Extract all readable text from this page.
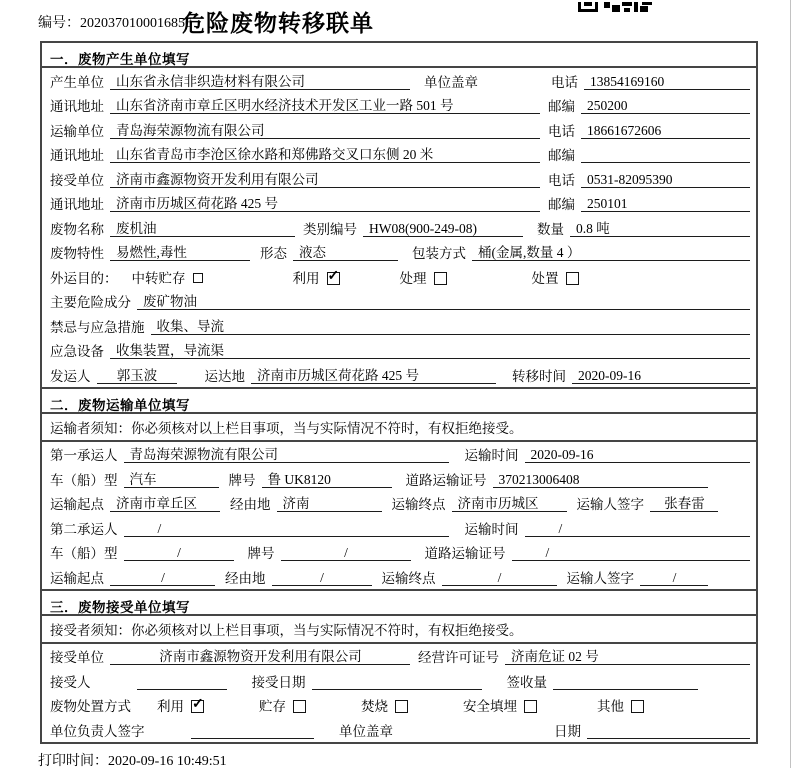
编号：2020370100016856
危险废物转移联单
一．废物产生单位填写
产生单位 山东省永信非织造材料有限公司	单位盖章	电话 13854169160
通讯地址 山东省济南市章丘区明水经济技术开发区工业一路 501 号	邮编 250200
运输单位 青岛海荣源物流有限公司	电话 18661672606
通讯地址 山东省青岛市李沧区徐水路和郑佛路交叉口东侧 20 米	邮编
接受单位 济南市鑫源物资开发利用有限公司	电话 0531-82095390
通讯地址 济南市历城区荷花路 425 号	邮编 250101
废物名称 废机油	类别编号 HW08(900-249-08)	数量 0.8 吨
废物特性 易燃性,毒性	形态 液态	包装方式 桶(金属,数量 4 ）
外运目的： 中转贮存	利用 ✓	处理	处置
主要危险成分 废矿物油
禁忌与应急措施 收集、导流
应急设备 收集装置，导流渠
发运人	郭玉波	运达地 济南市历城区荷花路 425 号	转移时间 2020-09-16
二．废物运输单位填写
运输者须知：你必须核对以上栏目事项，当与实际情况不符时，有权拒绝接受。
第一承运人 青岛海荣源物流有限公司	运输时间 2020-09-16
车（船）型 汽车	牌号 鲁 UK8120	道路运输证号 370213006408
运输起点 济南市章丘区	经由地 济南	运输终点 济南市历城区	运输人签字	张春雷
第二承运人	/	运输时间	/
车（船）型	/	牌号	/	道路运输证号	/
运输起点	/	经由地	/	运输终点	/	运输人签字	/
三．废物接受单位填写
接受者须知：你必须核对以上栏目事项，当与实际情况不符时，有权拒绝接受。
接受单位	济南市鑫源物资开发利用有限公司	经营许可证号 济南危证 02 号
接受人	接受日期	签收量
废物处置方式 利用 ✓	贮存	焚烧	安全填埋	其他
单位负责人签字	单位盖章	日期
打印时间：2020-09-16 10:49:51
